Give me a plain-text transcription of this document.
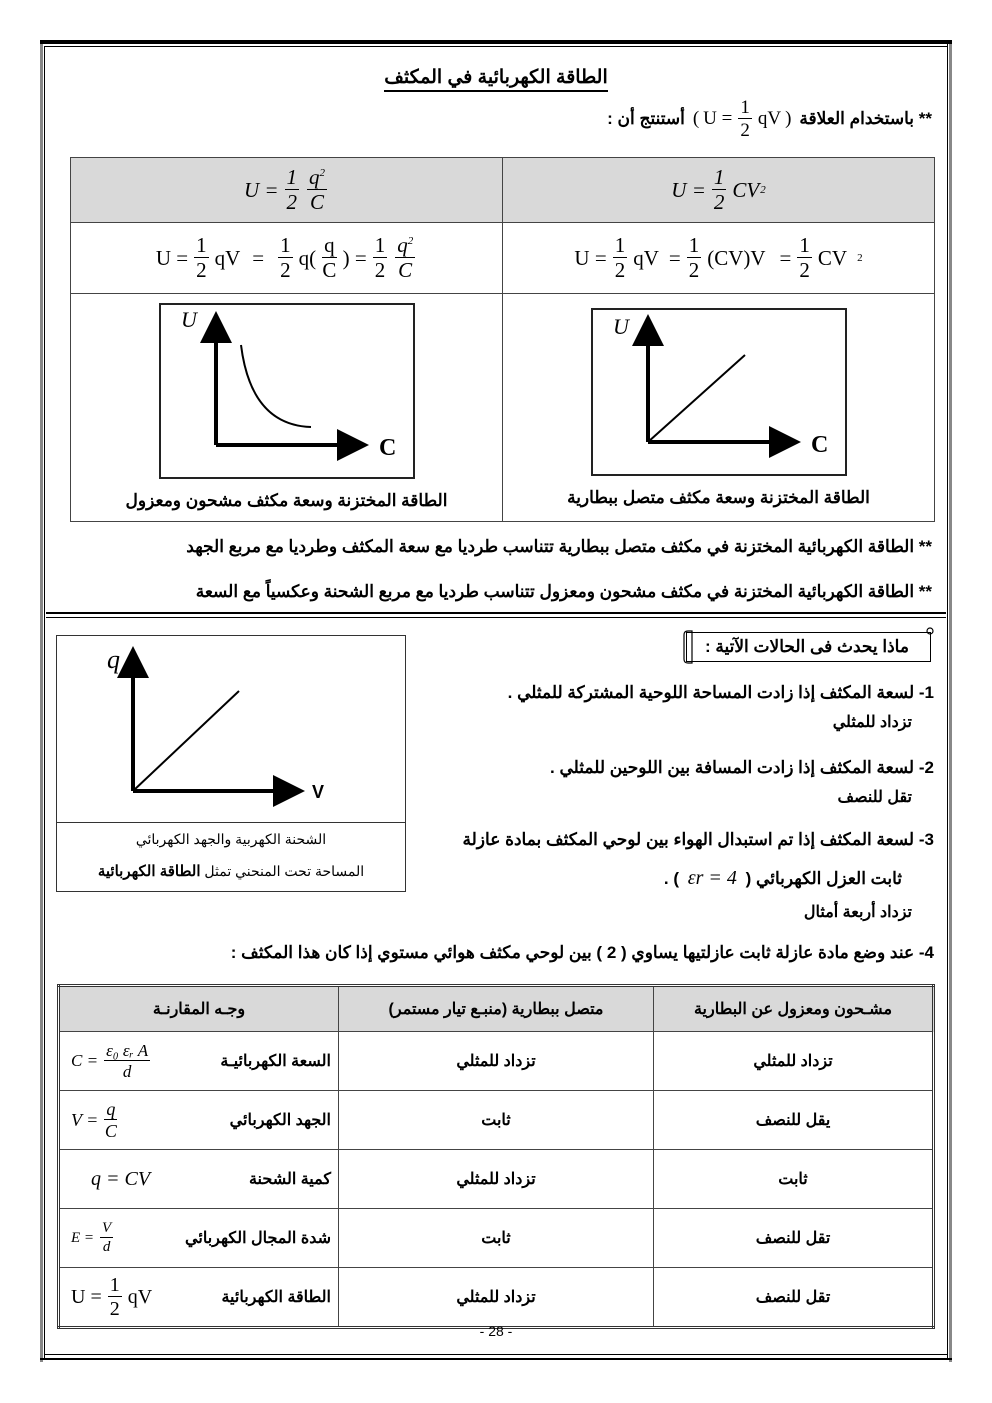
الطاقة الكهربائية في المكثف
** باستخدام العلاقة
( $U = \frac{1}{2}$ qV )
أستنتج أن :
$U = \frac{1}{2} \frac{q^2}{C}$	$U = \frac{1}{2}$ CV 2

$U = \frac{1}{2}$ qV = $\frac{1}{2} q( \frac{q}{C}$ ) = $\frac{1}{2} \frac{q^2}{C}$	$U = \frac{1}{2}$ qV = $\frac{1}{2} (CV)V = \frac{1}{2}$ CV 2

U
C
الطاقة المختزنة وسعة مكثف مشحون ومعزول

U
C
الطاقة المختزنة وسعة مكثف متصل ببطارية
** الطاقة الكهربائية المختزنة في مكثف متصل ببطارية تتناسب طرديا مع سعة المكثف وطرديا مع مربع الجهد
** الطاقة الكهربائية المختزنة في مكثف مشحون ومعزول تتناسب طرديا مع مربع الشحنة وعكسياً مع السعة
q
V
الشحنة الكهربية والجهد الكهربائي
المساحة تحت المنحني تمثل الطاقة الكهربائية
ماذا يحدث فى الحالات الآتية :
1- لسعة المكثف إذا زادت المساحة اللوحية المشتركة للمثلي .
تزداد للمثلي
2- لسعة المكثف إذا زادت المسافة بين اللوحين للمثلي .
تقل للنصف
3- لسعة المكثف إذا تم استبدال الهواء بين لوحي المكثف بمادة عازلة
ثابت العزل الكهربائي ( εr = 4 ) .
تزداد أربعة أمثال
4- عند وضع مادة عازلة ثابت عازلتيها يساوي ( 2 ) بين لوحي مكثف هوائي مستوي إذا كان هذا المكثف :
وجـه المقارنـة	متصل ببطارية (منبـع تيار مستمر)	مشـحون ومعزول عن البطارية

السعة الكهربائيـة
$C = \frac{\text{ε₀ εᵣ A}}{d}$	تزداد للمثلي	تزداد للمثلي

الجهد الكهربائي
$V = \frac{q}{C}$	ثابت	يقل للنصف

كمية الشحنة
q = CV	تزداد للمثلي	ثابت

شدة المجال الكهربائي
$E = \frac{V}{d}$	ثابت	تقل للنصف

الطاقة الكهربائية
$U = \frac{1}{2}$ qV	تزداد للمثلي	تقل للنصف
- 28 -
